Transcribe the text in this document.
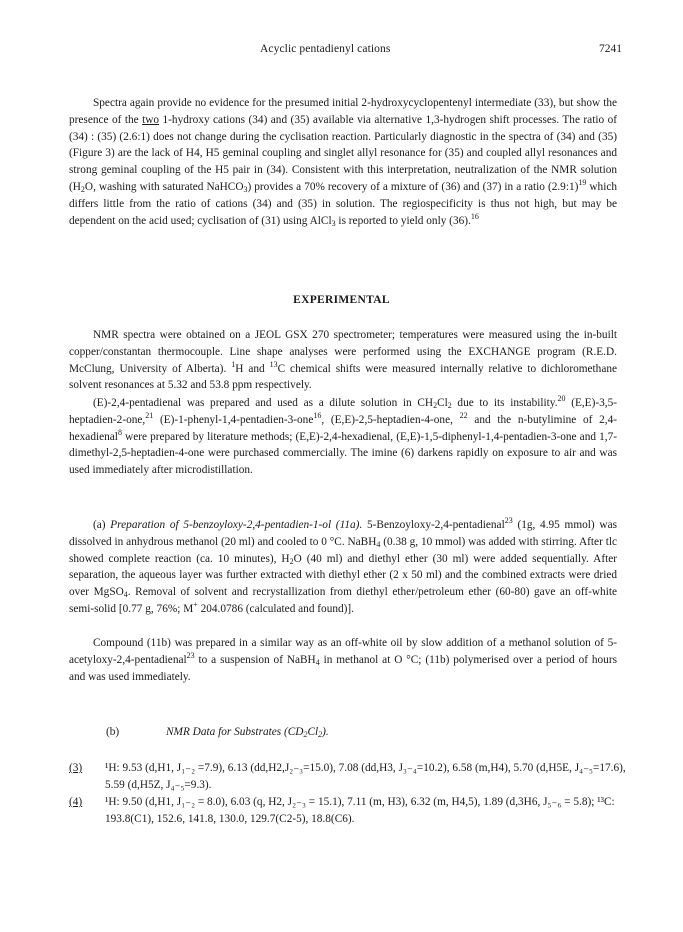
Acyclic pentadienyl cations	7241

Spectra again provide no evidence for the presumed initial 2-hydroxycyclopentenyl intermediate (33), but show the presence of the two 1-hydroxy cations (34) and (35) available via alternative 1,3-hydrogen shift processes. The ratio of (34) : (35) (2.6:1) does not change during the cyclisation reaction. Particularly diagnostic in the spectra of (34) and (35) (Figure 3) are the lack of H4, H5 geminal coupling and singlet allyl resonance for (35) and coupled allyl resonances and strong geminal coupling of the H5 pair in (34). Consistent with this interpretation, neutralization of the NMR solution ($H_2O$, washing with saturated NaHCO$_3$) provides a 70% recovery of a mixture of (36) and (37) in a ratio (2.9:1)$^{19}$ which differs little from the ratio of cations (34) and (35) in solution. The regiospecificity is thus not high, but may be dependent on the acid used; cyclisation of (31) using AlCl$_3$ is reported to yield only (36).$^{16}$

EXPERIMENTAL

NMR spectra were obtained on a JEOL GSX 270 spectrometer; temperatures were measured using the in-built copper/constantan thermocouple. Line shape analyses were performed using the EXCHANGE program (R.E.D. McClung, University of Alberta). $^1$H and $^{13}$C chemical shifts were measured internally relative to dichloromethane solvent resonances at 5.32 and 53.8 ppm respectively.

(E)-2,4-pentadienal was prepared and used as a dilute solution in $CH_2Cl_2$ due to its instability.$^{20}$ (E,E)-3,5-heptadien-2-one,$^{21}$ (E)-1-phenyl-1,4-pentadien-3-one$^{16}$, (E,E)-2,5-heptadien-4-one, $^{22}$ and the n-butylimine of 2,4-hexadienal$^8$ were prepared by literature methods; (E,E)-2,4-hexadienal, (E,E)-1,5-diphenyl-1,4-pentadien-3-one and 1,7-dimethyl-2,5-heptadien-4-one were purchased commercially. The imine (6) darkens rapidly on exposure to air and was used immediately after microdistillation.

(a) Preparation of 5-benzoyloxy-2,4-pentadien-1-ol (11a). 5-Benzoyloxy-2,4-pentadienal$^{23}$ (1g, 4.95 mmol) was dissolved in anhydrous methanol (20 ml) and cooled to 0 °C. NaBH$_4$ (0.38 g, 10 mmol) was added with stirring. After tlc showed complete reaction (ca. 10 minutes), $H_2O$ (40 ml) and diethyl ether (30 ml) were added sequentially. After separation, the aqueous layer was further extracted with diethyl ether (2 x 50 ml) and the combined extracts were dried over MgSO$_4$. Removal of solvent and recrystallization from diethyl ether/petroleum ether (60-80) gave an off-white semi-solid [0.77 g, 76%; M+ 204.0786 (calculated and found)].

Compound (11b) was prepared in a similar way as an off-white oil by slow addition of a methanol solution of 5-acetyloxy-2,4-pentadienal$^{23}$ to a suspension of NaBH$_4$ in methanol at O °C; (11b) polymerised over a period of hours and was used immediately.

(b)	NMR Data for Substrates $(CD_2Cl_2)$.
(3) ¹H: 9.53 (d,H1, J₁₋₂ =7.9), 6.13 (dd,H2,J₂₋₃=15.0), 7.08 (dd,H3, J₃₋₄=10.2), 6.58 (m,H4), 5.70 (d,H5E, J₄₋₅=17.6), 5.59 (d,H5Z, J₄₋₅=9.3).
(4) ¹H: 9.50 (d,H1, J₁₋₂ = 8.0), 6.03 (q, H2, J₂₋₃ = 15.1), 7.11 (m, H3), 6.32 (m, H4,5), 1.89 (d,3H6, J₅₋₆ = 5.8); ¹³C: 193.8(C1), 152.6, 141.8, 130.0, 129.7(C2-5), 18.8(C6).
